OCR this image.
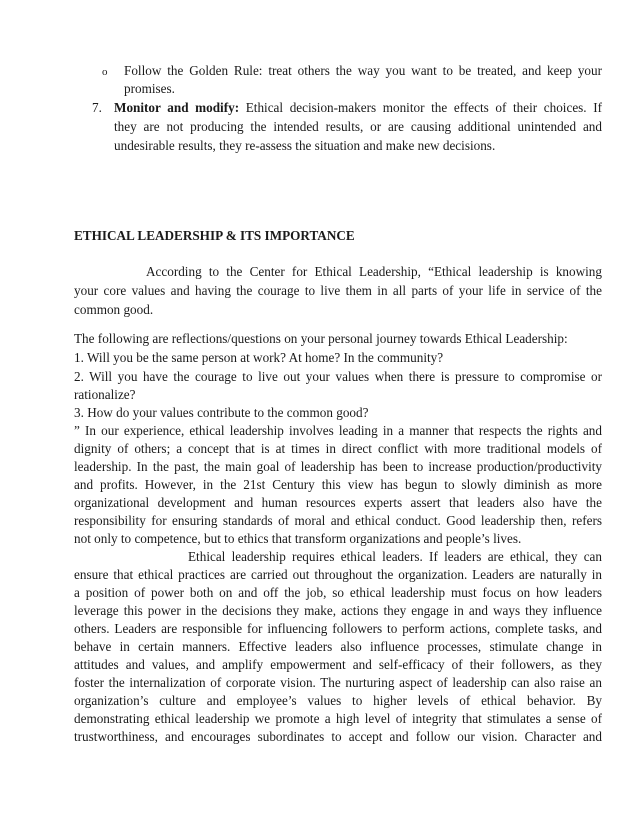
o Follow the Golden Rule: treat others the way you want to be treated, and keep your
promises.
7. Monitor and modify: Ethical decision-makers monitor the effects of their choices. If
they are not producing the intended results, or are causing additional unintended and
undesirable results, they re-assess the situation and make new decisions.
ETHICAL LEADERSHIP & ITS IMPORTANCE
According to the Center for Ethical Leadership, “Ethical leadership is knowing
your core values and having the courage to live them in all parts of your life in service of the
common good.
The following are reflections/questions on your personal journey towards Ethical Leadership:
1. Will you be the same person at work? At home? In the community?
2. Will you have the courage to live out your values when there is pressure to compromise or
rationalize?
3. How do your values contribute to the common good?
” In our experience, ethical leadership involves leading in a manner that respects the rights and
dignity of others; a concept that is at times in direct conflict with more traditional models of
leadership. In the past, the main goal of leadership has been to increase production/productivity
and profits. However, in the 21st Century this view has begun to slowly diminish as more
organizational development and human resources experts assert that leaders also have the
responsibility for ensuring standards of moral and ethical conduct. Good leadership then, refers
not only to competence, but to ethics that transform organizations and people’s lives.
Ethical leadership requires ethical leaders. If leaders are ethical, they can
ensure that ethical practices are carried out throughout the organization. Leaders are naturally in
a position of power both on and off the job, so ethical leadership must focus on how leaders
leverage this power in the decisions they make, actions they engage in and ways they influence
others. Leaders are responsible for influencing followers to perform actions, complete tasks, and
behave in certain manners. Effective leaders also influence processes, stimulate change in
attitudes and values, and amplify empowerment and self-efficacy of their followers, as they
foster the internalization of corporate vision. The nurturing aspect of leadership can also raise an
organization’s culture and employee’s values to higher levels of ethical behavior. By
demonstrating ethical leadership we promote a high level of integrity that stimulates a sense of
trustworthiness, and encourages subordinates to accept and follow our vision. Character and
